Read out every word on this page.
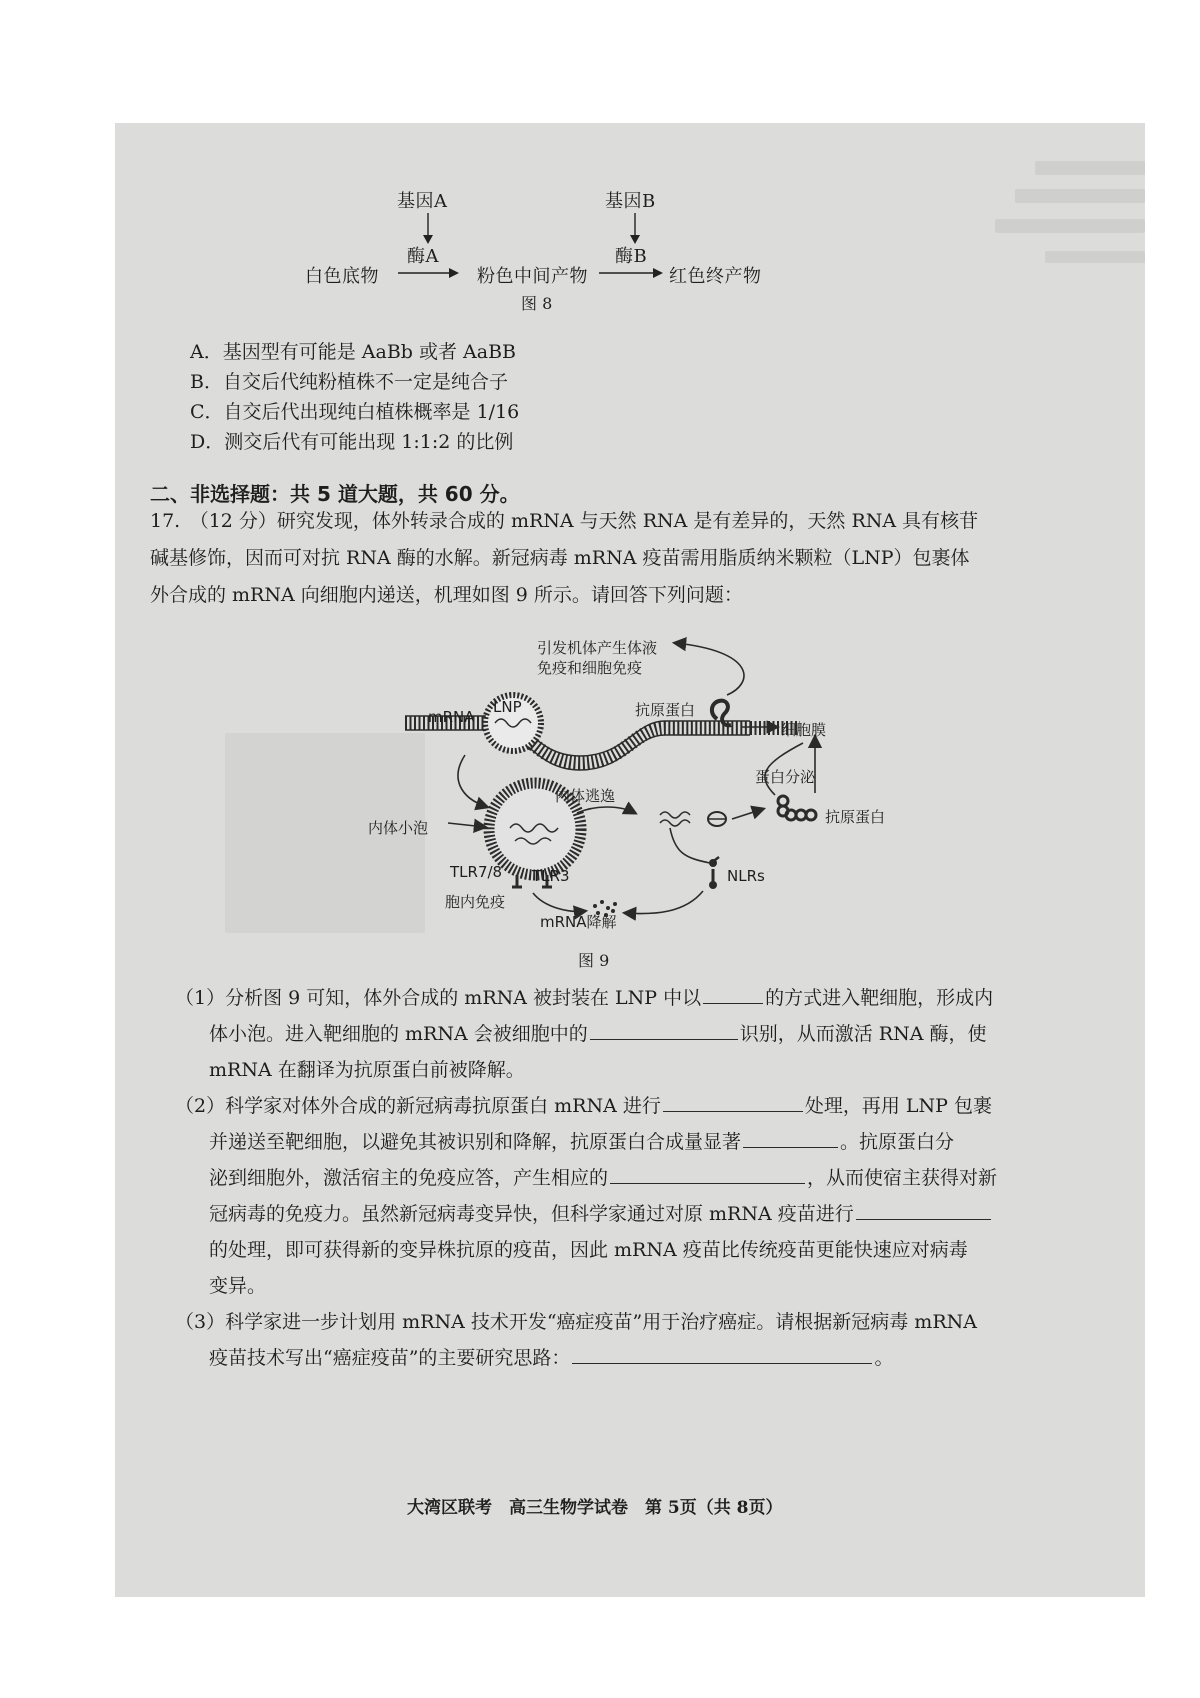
基因A	基因B
酶A	酶B
白色底物	粉色中间产物	红色终产物
图 8
A．基因型有可能是 AaBb 或者 AaBB
B．自交后代纯粉植株不一定是纯合子
C．自交后代出现纯白植株概率是 1/16
D．测交后代有可能出现 1:1:2 的比例
二、非选择题：共 5 道大题，共 60 分。
17.　（12 分）研究发现，体外转录合成的 mRNA 与天然 RNA 是有差异的，天然 RNA 具有核苷
碱基修饰，因而可对抗 RNA 酶的水解。新冠病毒 mRNA 疫苗需用脂质纳米颗粒（LNP）包裹体
外合成的 mRNA 向细胞内递送，机理如图 9 所示。请回答下列问题：
引发机体产生体液
免疫和细胞免疫
mRNA
LNP	抗原蛋白
细胞膜
蛋白分泌
内体逃逸
内体小泡
抗原蛋白
TLR7/8 TLR3	NLRs
胞内免疫
mRNA降解
图 9
（1）分析图 9 可知，体外合成的 mRNA 被封装在 LNP 中以	的方式进入靶细胞，形成内
体小泡。进入靶细胞的 mRNA 会被细胞中的	识别，从而激活 RNA 酶，使
mRNA 在翻译为抗原蛋白前被降解。
（2）科学家对体外合成的新冠病毒抗原蛋白 mRNA 进行	处理，再用 LNP 包裹
并递送至靶细胞，以避免其被识别和降解，抗原蛋白合成量显著	。抗原蛋白分
泌到细胞外，激活宿主的免疫应答，产生相应的	，从而使宿主获得对新
冠病毒的免疫力。虽然新冠病毒变异快，但科学家通过对原 mRNA 疫苗进行
的处理，即可获得新的变异株抗原的疫苗，因此 mRNA 疫苗比传统疫苗更能快速应对病毒
变异。
（3）科学家进一步计划用 mRNA 技术开发“癌症疫苗”用于治疗癌症。请根据新冠病毒 mRNA
疫苗技术写出“癌症疫苗”的主要研究思路：	。
大湾区联考　高三生物学试卷　第 5页（共 8页）
